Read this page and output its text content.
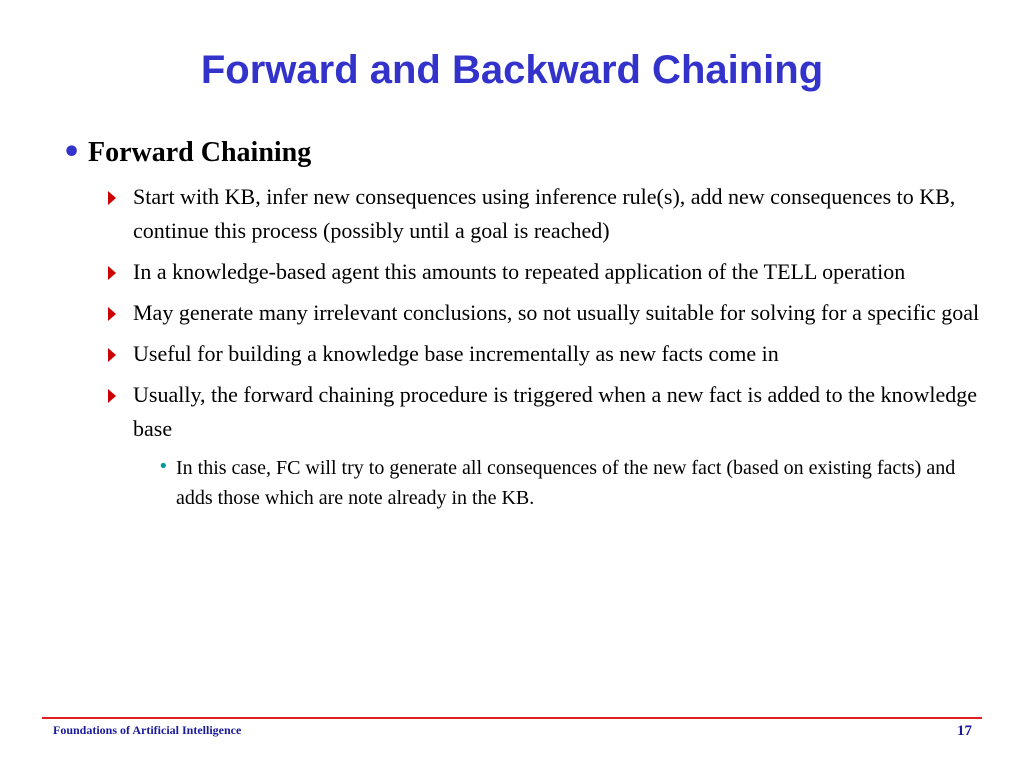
Forward and Backward Chaining
• Forward Chaining
Start with KB, infer new consequences using inference rule(s), add new consequences to KB, continue this process (possibly until a goal is reached)
In a knowledge-based agent this amounts to repeated application of the TELL operation
May generate many irrelevant conclusions, so not usually suitable for solving for a specific goal
Useful for building a knowledge base incrementally as new facts come in
Usually, the forward chaining procedure is triggered when a new fact is added to the knowledge base
• In this case, FC will try to generate all consequences of the new fact (based on existing facts) and adds those which are note already in the KB.
Foundations of Artificial Intelligence	17
